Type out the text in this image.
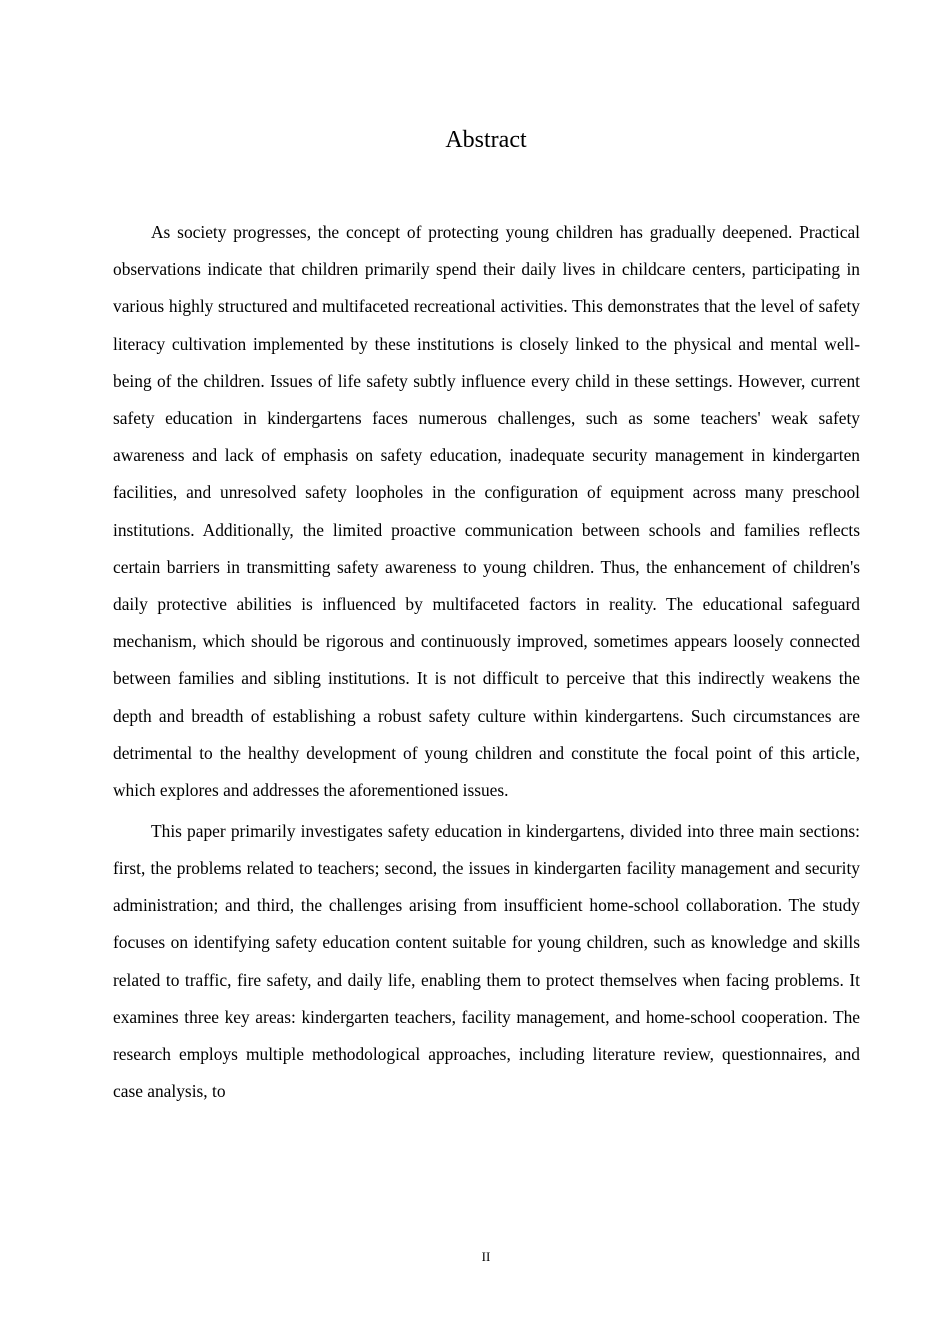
Abstract

As society progresses, the concept of protecting young children has gradually deepened. Practical observations indicate that children primarily spend their daily lives in childcare centers, participating in various highly structured and multifaceted recreational activities. This demonstrates that the level of safety literacy cultivation implemented by these institutions is closely linked to the physical and mental well-being of the children. Issues of life safety subtly influence every child in these settings. However, current safety education in kindergartens faces numerous challenges, such as some teachers' weak safety awareness and lack of emphasis on safety education, inadequate security management in kindergarten facilities, and unresolved safety loopholes in the configuration of equipment across many preschool institutions. Additionally, the limited proactive communication between schools and families reflects certain barriers in transmitting safety awareness to young children. Thus, the enhancement of children's daily protective abilities is influenced by multifaceted factors in reality. The educational safeguard mechanism, which should be rigorous and continuously improved, sometimes appears loosely connected between families and sibling institutions. It is not difficult to perceive that this indirectly weakens the depth and breadth of establishing a robust safety culture within kindergartens. Such circumstances are detrimental to the healthy development of young children and constitute the focal point of this article, which explores and addresses the aforementioned issues.

This paper primarily investigates safety education in kindergartens, divided into three main sections: first, the problems related to teachers; second, the issues in kindergarten facility management and security administration; and third, the challenges arising from insufficient home-school collaboration. The study focuses on identifying safety education content suitable for young children, such as knowledge and skills related to traffic, fire safety, and daily life, enabling them to protect themselves when facing problems. It examines three key areas: kindergarten teachers, facility management, and home-school cooperation. The research employs multiple methodological approaches, including literature review, questionnaires, and case analysis, to

II
